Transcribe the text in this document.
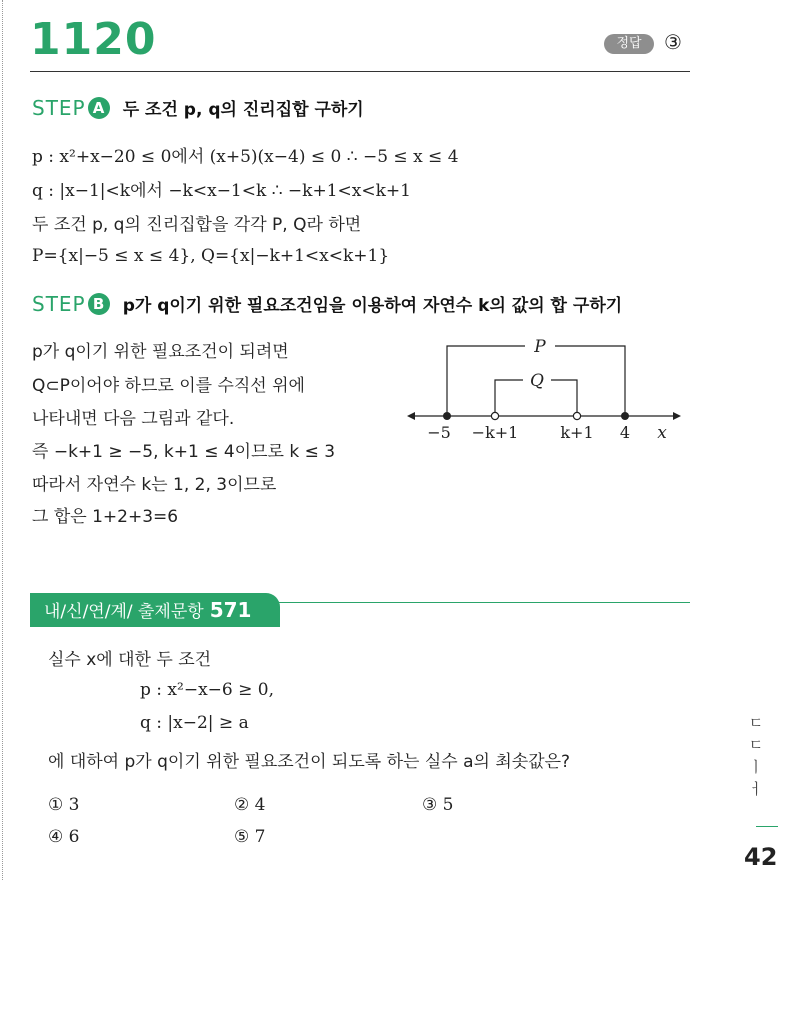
1120	정답	③
STEP A 두 조건 p, q의 진리집합 구하기
p : x²+x−20 ≤ 0에서 (x+5)(x−4) ≤ 0 ∴ −5 ≤ x ≤ 4
q : |x−1|<k에서 −k<x−1<k ∴ −k+1<x<k+1
두 조건 p, q의 진리집합을 각각 P, Q라 하면
P={x|−5 ≤ x ≤ 4}, Q={x|−k+1<x<k+1}
STEP B p가 q이기 위한 필요조건임을 이용하여 자연수 k의 값의 합 구하기
p가 q이기 위한 필요조건이 되려면
Q⊂P이어야 하므로 이를 수직선 위에
나타내면 다음 그림과 같다.
즉 −k+1 ≥ −5, k+1 ≤ 4이므로 k ≤ 3
따라서 자연수 k는 1, 2, 3이므로
그 합은 1+2+3=6
P
Q
−5 −k+1	k+1 4 x
내/신/연/계/ 출제문항 571
실수 x에 대한 두 조건
p : x²−x−6 ≥ 0,
q : |x−2| ≥ a
에 대하여 p가 q이기 위한 필요조건이 되도록 하는 실수 a의 최솟값은?
① 3	② 4	③ 5
④ 6	⑤ 7
ㄷ ㄷ ㅣ ㅓ
42
